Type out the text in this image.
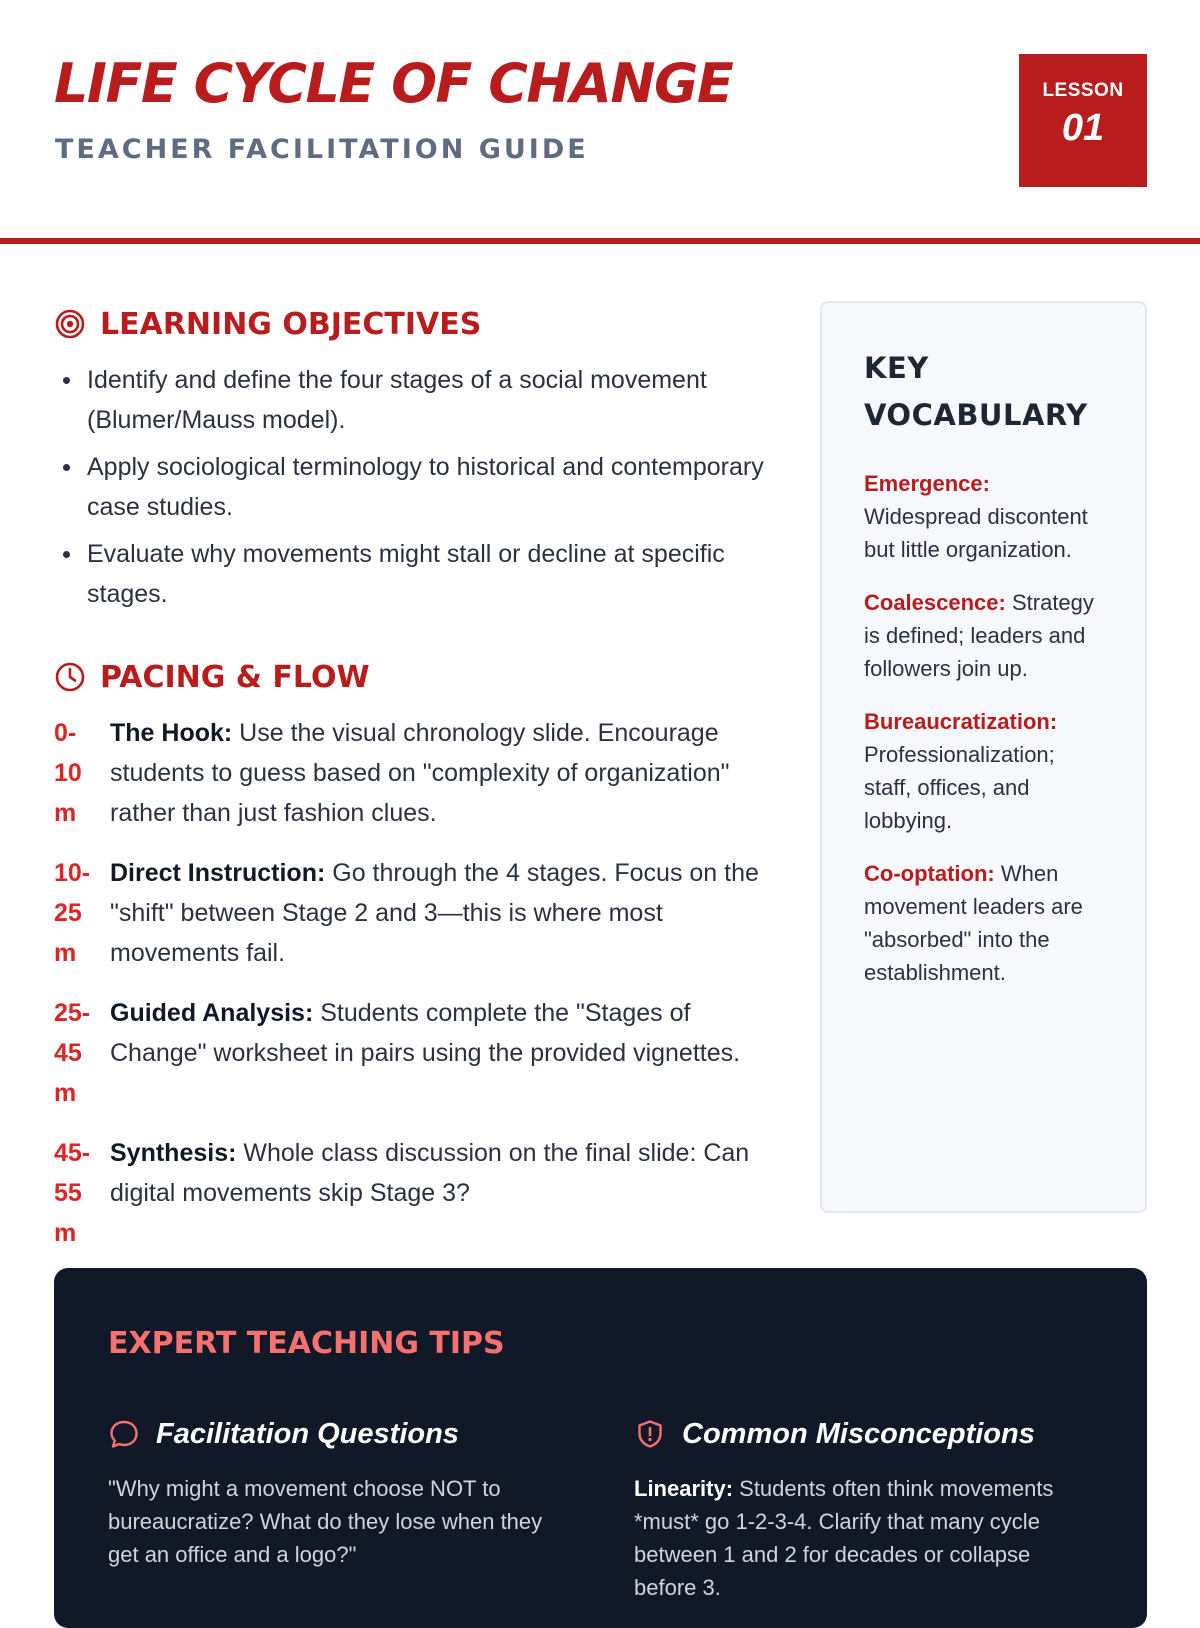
LIFE CYCLE OF CHANGE
TEACHER FACILITATION GUIDE
LESSON
01
LEARNING OBJECTIVES
Identify and define the four stages of a social movement (Blumer/Mauss model).
Apply sociological terminology to historical and contemporary case studies.
Evaluate why movements might stall or decline at specific stages.
PACING & FLOW
0-10m
The Hook: Use the visual chronology slide. Encourage students to guess based on "complexity of organization" rather than just fashion clues.
10-25m
Direct Instruction: Go through the 4 stages. Focus on the "shift" between Stage 2 and 3—this is where most movements fail.
25-45m
Guided Analysis: Students complete the "Stages of Change" worksheet in pairs using the provided vignettes.
45-55m
Synthesis: Whole class discussion on the final slide: Can digital movements skip Stage 3?
KEY VOCABULARY
Emergence: Widespread discontent but little organization.
Coalescence: Strategy is defined; leaders and followers join up.
Bureaucratization: Professionalization; staff, offices, and lobbying.
Co-optation: When movement leaders are "absorbed" into the establishment.
EXPERT TEACHING TIPS
Facilitation Questions
"Why might a movement choose NOT to bureaucratize? What do they lose when they get an office and a logo?"
Common Misconceptions
Linearity: Students often think movements *must* go 1-2-3-4. Clarify that many cycle between 1 and 2 for decades or collapse before 3.
